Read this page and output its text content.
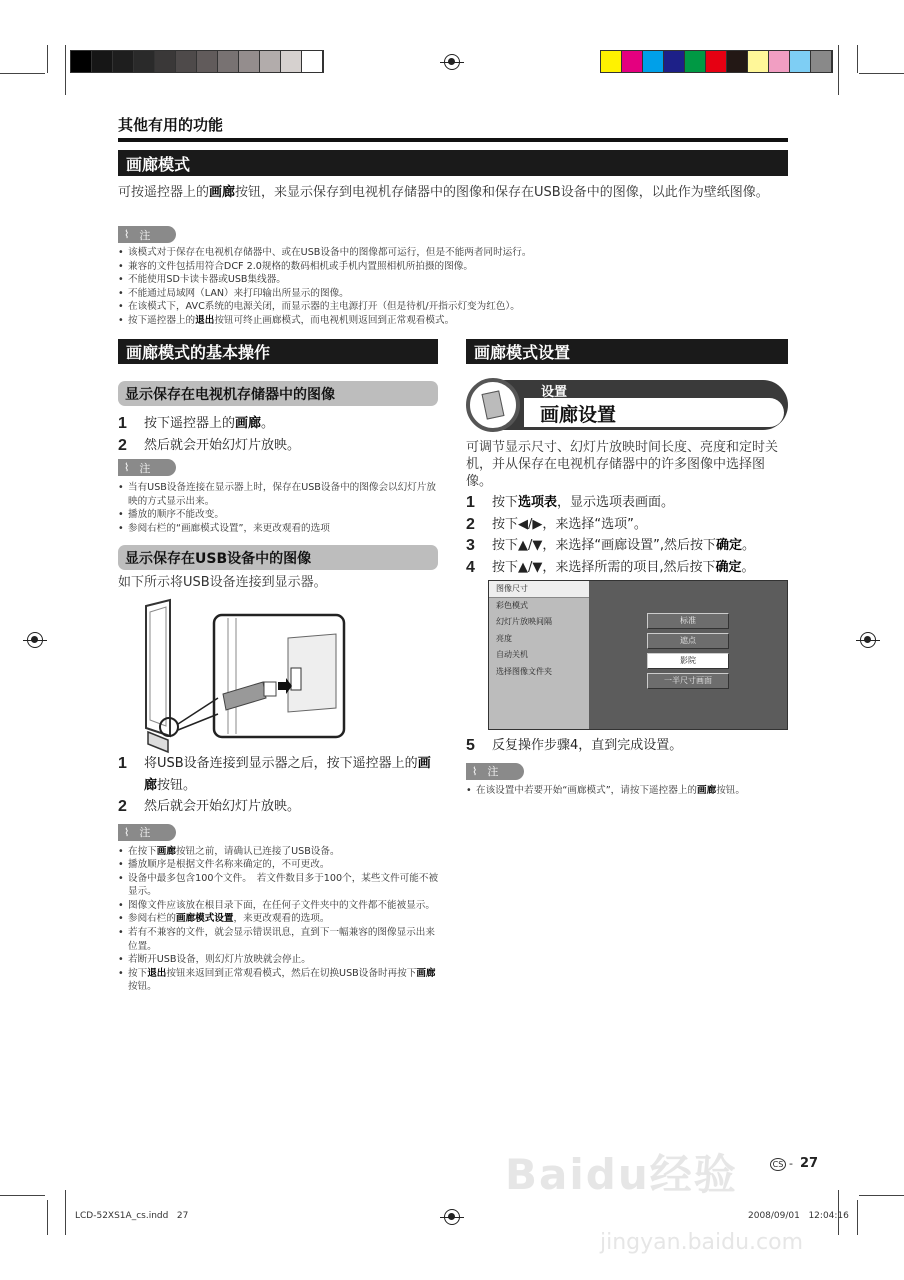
其他有用的功能
画廊模式
可按遥控器上的画廊按钮，来显示保存到电视机存储器中的图像和保存在USB设备中的图像，以此作为壁纸图像。
⌇ 注
• 该模式对于保存在电视机存储器中、或在USB设备中的图像都可运行，但是不能两者同时运行。
• 兼容的文件包括用符合DCF 2.0规格的数码相机或手机内置照相机所拍摄的图像。
• 不能使用SD卡读卡器或USB集线器。
• 不能通过局域网（LAN）来打印输出所显示的图像。
• 在该模式下，AVC系统的电源关闭，而显示器的主电源打开（但是待机/开指示灯变为红色）。
• 按下遥控器上的退出按钮可终止画廊模式，而电视机则返回到正常观看模式。
画廊模式的基本操作
显示保存在电视机存储器中的图像
1	按下遥控器上的画廊。
2	然后就会开始幻灯片放映。
⌇ 注
• 当有USB设备连接在显示器上时，保存在USB设备中的图像会以幻灯片放映的方式显示出来。
• 播放的顺序不能改变。
• 参阅右栏的“画廊模式设置”，来更改观看的选项
显示保存在USB设备中的图像
如下所示将USB设备连接到显示器。
1	将USB设备连接到显示器之后，按下遥控器上的画廊按钮。
2	然后就会开始幻灯片放映。
⌇ 注
• 在按下画廊按钮之前，请确认已连接了USB设备。
• 播放顺序是根据文件名称来确定的，不可更改。
• 设备中最多包含100个文件。　若文件数目多于100个，某些文件可能不被显示。
• 图像文件应该放在根目录下面，在任何子文件夹中的文件都不能被显示。
• 参阅右栏的画廊模式设置，来更改观看的选项。
• 若有不兼容的文件，就会显示错误讯息，直到下一幅兼容的图像显示出来位置。
• 若断开USB设备，则幻灯片放映就会停止。
• 按下退出按钮来返回到正常观看模式，然后在切换USB设备时再按下画廊按钮。
画廊模式设置
设置
画廊设置
可调节显示尺寸、幻灯片放映时间长度、亮度和定时关机，并从保存在电视机存储器中的许多图像中选择图像。
1	按下选项表，显示选项表画面。
2	按下◀/▶，来选择“选项”。
3	按下▲/▼，来选择“画廊设置”,然后按下确定。
4	按下▲/▼，来选择所需的项目,然后按下确定。
图像尺寸
彩色模式
幻灯片放映间隔
亮度
自动关机
选择图像文件夹
标准
遮点
影院
一半尺寸画面
5	反复操作步骤4，直到完成设置。
⌇ 注
• 在该设置中若要开始“画廊模式”，请按下遥控器上的画廊按钮。
Baidu经验
jingyan.baidu.com
CS - 27
LCD-52XS1A_cs.indd   27	2008/09/01   12:04:16
